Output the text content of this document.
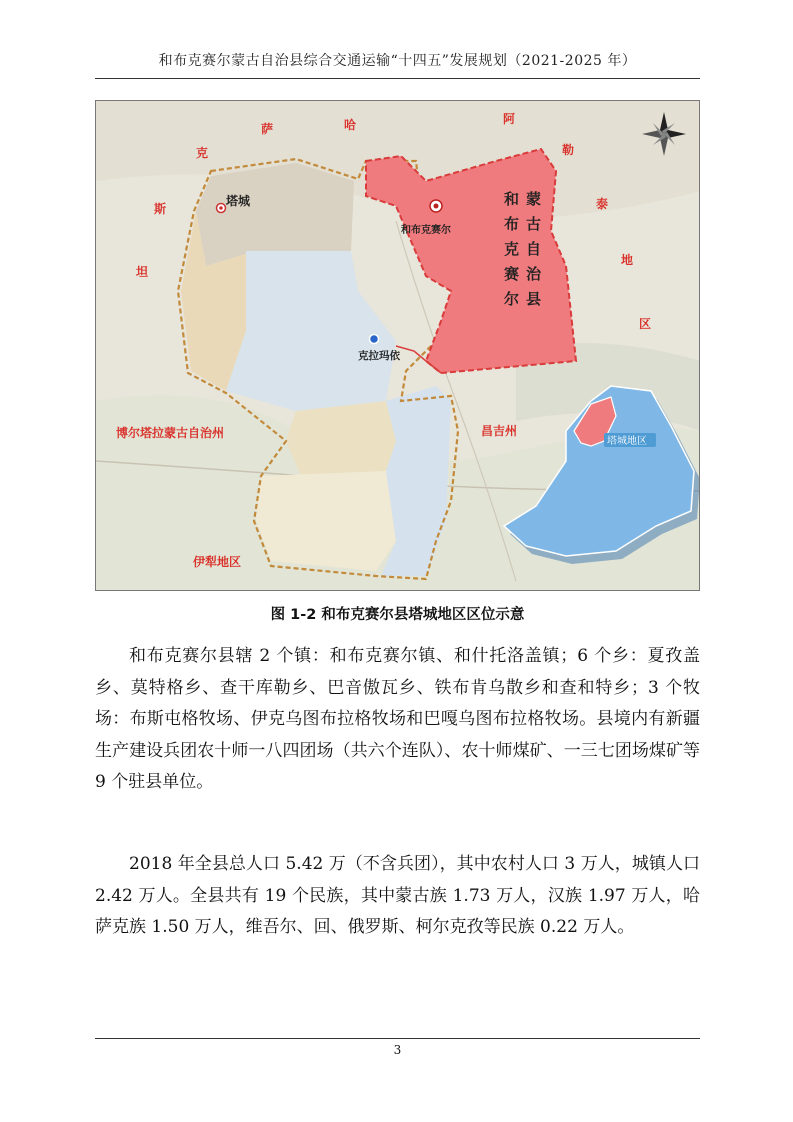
和布克赛尔蒙古自治县综合交通运输“十四五”发展规划（2021-2025 年）
和
布
克
赛
尔
蒙
古
自
治
县
和布克赛尔
塔城
克拉玛依
克
萨	哈
斯
坦
阿
勒
泰
地
区
博尔塔拉蒙古自治州	昌吉州
伊犁地区
塔城地区
图 1-2 和布克赛尔县塔城地区区位示意

和布克赛尔县辖 2 个镇：和布克赛尔镇、和什托洛盖镇；6 个乡：夏孜盖乡、莫特格乡、查干库勒乡、巴音傲瓦乡、铁布肯乌散乡和查和特乡；3 个牧场：布斯屯格牧场、伊克乌图布拉格牧场和巴嘎乌图布拉格牧场。县境内有新疆生产建设兵团农十师一八四团场（共六个连队）、农十师煤矿、一三七团场煤矿等 9 个驻县单位。

2018 年全县总人口 5.42 万（不含兵团），其中农村人口 3 万人，城镇人口 2.42 万人。全县共有 19 个民族，其中蒙古族 1.73 万人，汉族 1.97 万人，哈萨克族 1.50 万人，维吾尔、回、俄罗斯、柯尔克孜等民族 0.22 万人。

3
